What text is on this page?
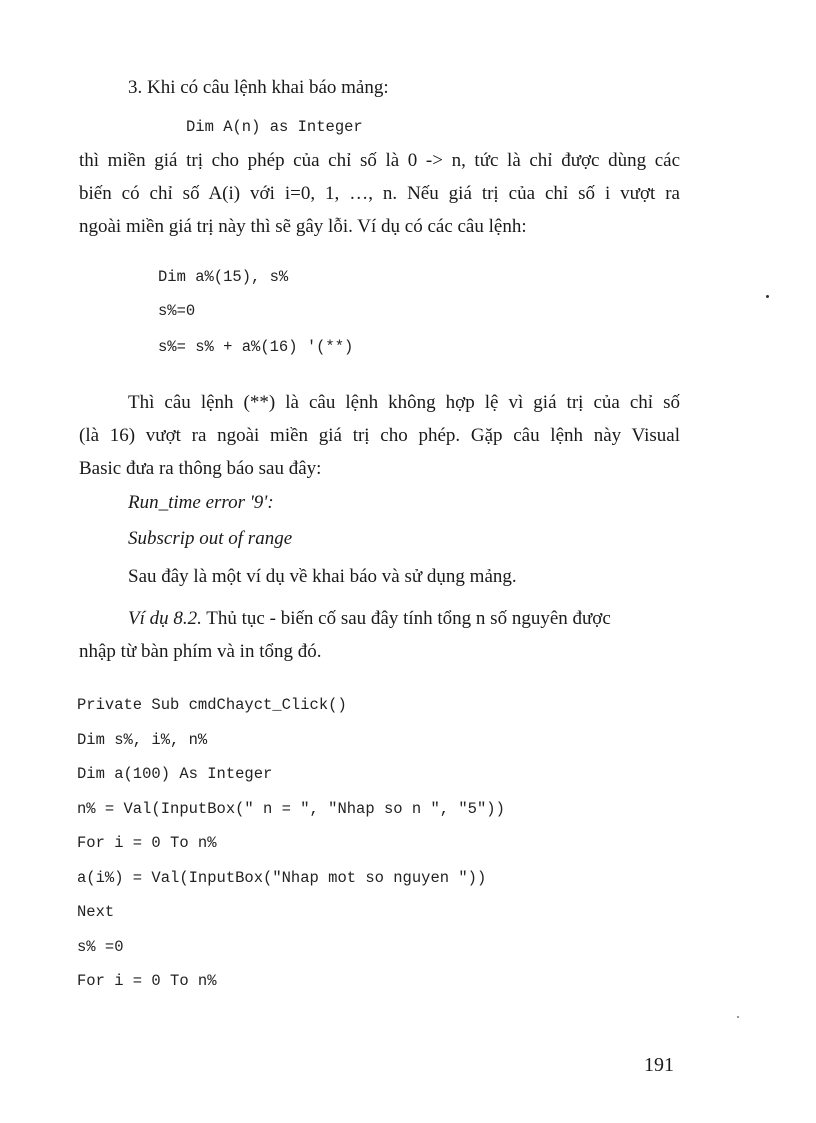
3. Khi có câu lệnh khai báo mảng:
Dim A(n) as Integer
thì miền giá trị cho phép của chỉ số là 0 -> n, tức là chỉ được dùng các
biến có chỉ số A(i) với i=0, 1, …, n. Nếu giá trị của chỉ số i vượt ra
ngoài miền giá trị này thì sẽ gây lỗi. Ví dụ có các câu lệnh:
Dim a%(15), s%
s%=0
s%= s% + a%(16) '(**)
Thì câu lệnh (**) là câu lệnh không hợp lệ vì giá trị của chỉ số
(là 16) vượt ra ngoài miền giá trị cho phép. Gặp câu lệnh này Visual
Basic đưa ra thông báo sau đây:
Run_time error '9':
Subscrip out of range
Sau đây là một ví dụ về khai báo và sử dụng mảng.
Ví dụ 8.2. Thủ tục - biến cố sau đây tính tổng n số nguyên được
nhập từ bàn phím và in tổng đó.
Private Sub cmdChayct_Click()
Dim s%, i%, n%
Dim a(100) As Integer
n% = Val(InputBox(" n = ", "Nhap so n ", "5"))
For i = 0 To n%
a(i%) = Val(InputBox("Nhap mot so nguyen "))
Next
s% =0
For i = 0 To n%
191
